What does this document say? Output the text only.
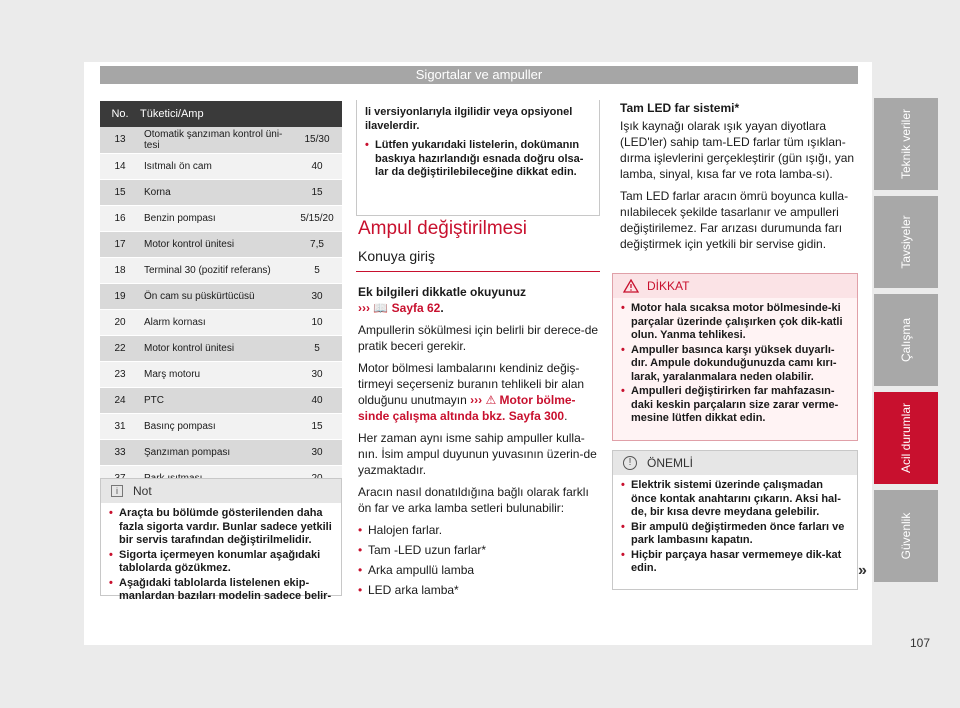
Sigortalar ve ampuller
No.	Tüketici/Amp	
13	Otomatik şanzıman kontrol üni-tesi	15/30
14	Isıtmalı ön cam	40
15	Korna	15
16	Benzin pompası	5/15/20
17	Motor kontrol ünitesi	7,5
18	Terminal 30 (pozitif referans)	5
19	Ön cam su püskürtücüsü	30
20	Alarm kornası	10
22	Motor kontrol ünitesi	5
23	Marş motoru	30
24	PTC	40
31	Basınç pompası	15
33	Şanzıman pompası	30

i	Not

• Araçta bu bölümde gösterilenden daha fazla sigorta vardır. Bunlar sadece yetkili bir servis tarafından değiştirilmelidir.

• Sigorta içermeyen konumlar aşağıdaki tablolarda gözükmez.

• Aşağıdaki tablolarda listelenen ekip-manlardan bazıları modelin sadece belir-

li versiyonlarıyla ilgilidir veya opsiyonel ilavelerdir.

• Lütfen yukarıdaki listelerin, dokümanın baskıya hazırlandığı esnada doğru olsa-lar da değiştirilebileceğine dikkat edin.

Ampul değiştirilmesi
Konuya giriş

Ek bilgileri dikkatle okuyunuz
››› 📖 Sayfa 62.

Ampullerin sökülmesi için belirli bir derece-de pratik beceri gerekir.

Motor bölmesi lambalarını kendiniz değiş-tirmeyi seçerseniz buranın tehlikeli bir alan olduğunu unutmayın ››› ⚠ Motor bölme-sinde çalışma altında bkz. Sayfa 300.

Her zaman aynı isme sahip ampuller kulla-nın. İsim ampul duyunun yuvasının üzerin-de yazmaktadır.

Aracın nasıl donatıldığına bağlı olarak farklı ön far ve arka lamba setleri bulunabilir:

• Halojen farlar.
• Tam -LED uzun farlar*
• Arka ampullü lamba
• LED arka lamba*

Tam LED far sistemi*

Işık kaynağı olarak ışık yayan diyotlara (LED'ler) sahip tam-LED farlar tüm ışıklan-dırma işlevlerini gerçekleştirir (gün ışığı, yan lamba, sinyal, kısa far ve rota lamba-sı).

Tam LED farlar aracın ömrü boyunca kulla-nılabilecek şekilde tasarlanır ve ampulleri değiştirilemez. Far arızası durumunda farı değiştirmek için yetkili bir servise gidin.

DİKKAT
• Motor hala sıcaksa motor bölmesinde-ki parçalar üzerinde çalışırken çok dik-katli olun. Yanma tehlikesi.
• Ampuller basınca karşı yüksek duyarlı-dır. Ampule dokunduğunuzda camı kırı-larak, yaralanmalara neden olabilir.
• Ampulleri değiştirirken far mahfazasın-daki keskin parçaların size zarar verme-mesine lütfen dikkat edin.
!	ÖNEMLİ
• Elektrik sistemi üzerinde çalışmadan önce kontak anahtarını çıkarın. Aksi hal-de, bir kısa devre meydana gelebilir.
• Bir ampulü değiştirmeden önce farları ve park lambasını kapatın.
• Hiçbir parçaya hasar vermemeye dik-kat edin.	»
Teknik veriler
Tavsiyeler
Çalışma
Acil durumlar
Güvenlik
107
